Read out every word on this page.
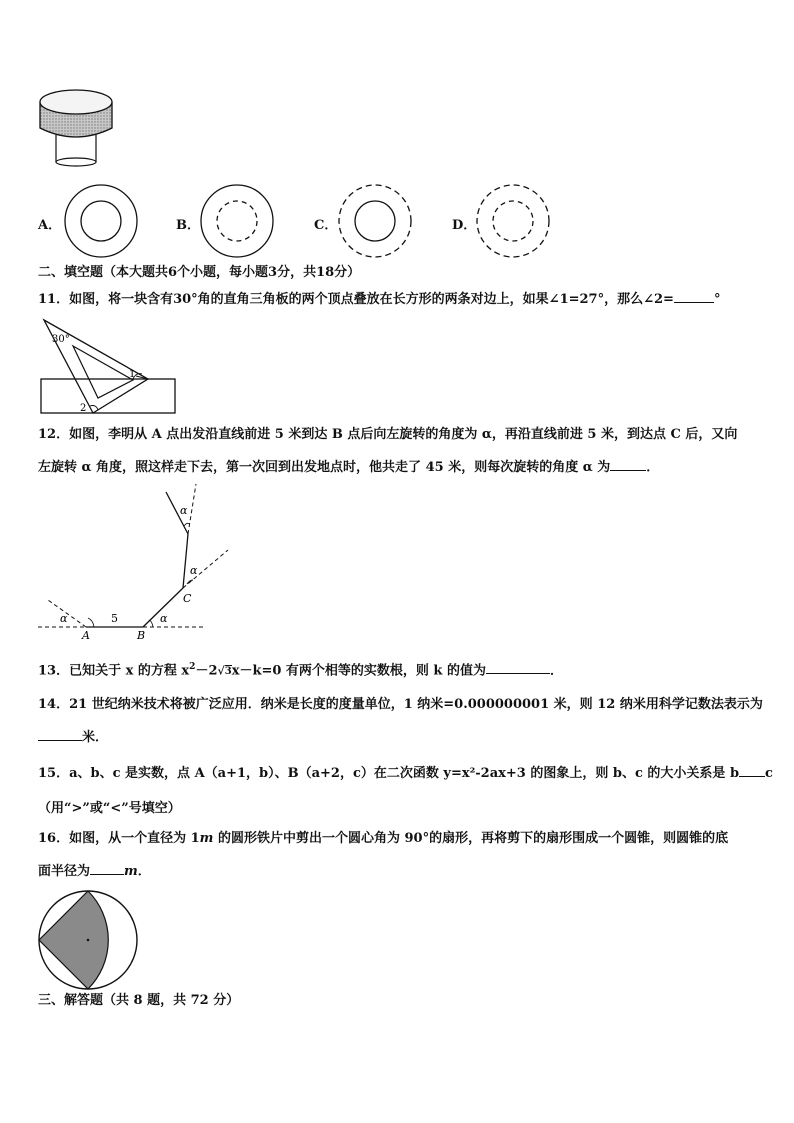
A．	B．	C．	D．
二、填空题（本大题共6个小题，每小题3分，共18分）
11．如图，将一块含有30°角的直角三角板的两个顶点叠放在长方形的两条对边上，如果∠1=27°，那么∠2=	°
30°
1
2
12．如图，李明从 A 点出发沿直线前进 5 米到达 B 点后向左旋转的角度为 α，再沿直线前进 5 米，到达点 C 后，又向
左旋转 α 角度，照这样走下去，第一次回到出发地点时，他共走了 45 米，则每次旋转的角度 α 为	．
A	B
C
5
α	α
α
α
13．已知关于 x 的方程 $x^2-2√3x-k=0$ 有两个相等的实数根，则 k 的值为	．
14．21 世纪纳米技术将被广泛应用．纳米是长度的度量单位，1 纳米=0.000000001 米，则 12 纳米用科学记数法表示为
米．
15．a、b、c 是实数，点 A（a+1，b）、B（a+2，c）在二次函数 y=x²-2ax+3 的图象上，则 b、c 的大小关系是 b c
（用“>”或“<”号填空）
16．如图，从一个直径为 1m 的圆形铁片中剪出一个圆心角为 90°的扇形，再将剪下的扇形围成一个圆锥，则圆锥的底
面半径为	m．
三、解答题（共 8 题，共 72 分）
